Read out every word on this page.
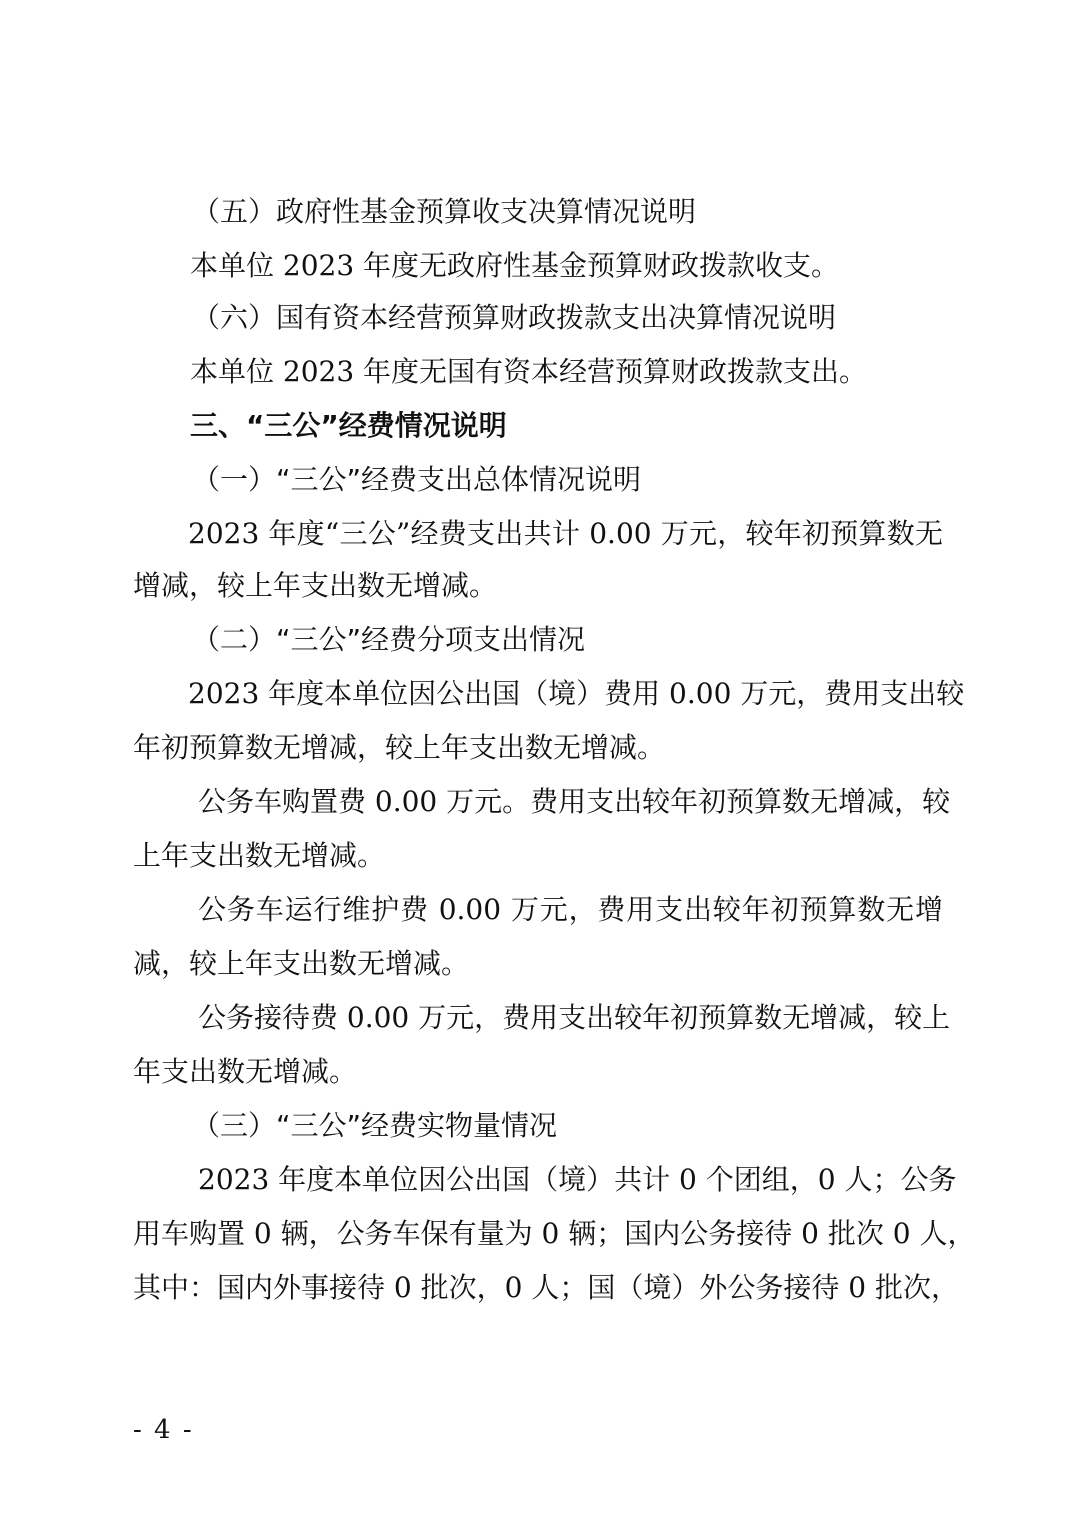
（五）政府性基金预算收支决算情况说明
本单位 2023 年度无政府性基金预算财政拨款收支。
（六）国有资本经营预算财政拨款支出决算情况说明
本单位 2023 年度无国有资本经营预算财政拨款支出。
三、“三公”经费情况说明
（一）“三公”经费支出总体情况说明
2023 年度“三公”经费支出共计 0.00 万元，较年初预算数无
增减，较上年支出数无增减。
（二）“三公”经费分项支出情况
2023 年度本单位因公出国（境）费用 0.00 万元，费用支出较
年初预算数无增减，较上年支出数无增减。
公务车购置费 0.00 万元。费用支出较年初预算数无增减，较
上年支出数无增减。
公务车运行维护费 0.00 万元，费用支出较年初预算数无增
减，较上年支出数无增减。
公务接待费 0.00 万元，费用支出较年初预算数无增减，较上
年支出数无增减。
（三）“三公”经费实物量情况
2023 年度本单位因公出国（境）共计 0 个团组，0 人；公务
用车购置 0 辆，公务车保有量为 0 辆；国内公务接待 0 批次 0 人，
其中：国内外事接待 0 批次，0 人；国（境）外公务接待 0 批次，
- 4 -
